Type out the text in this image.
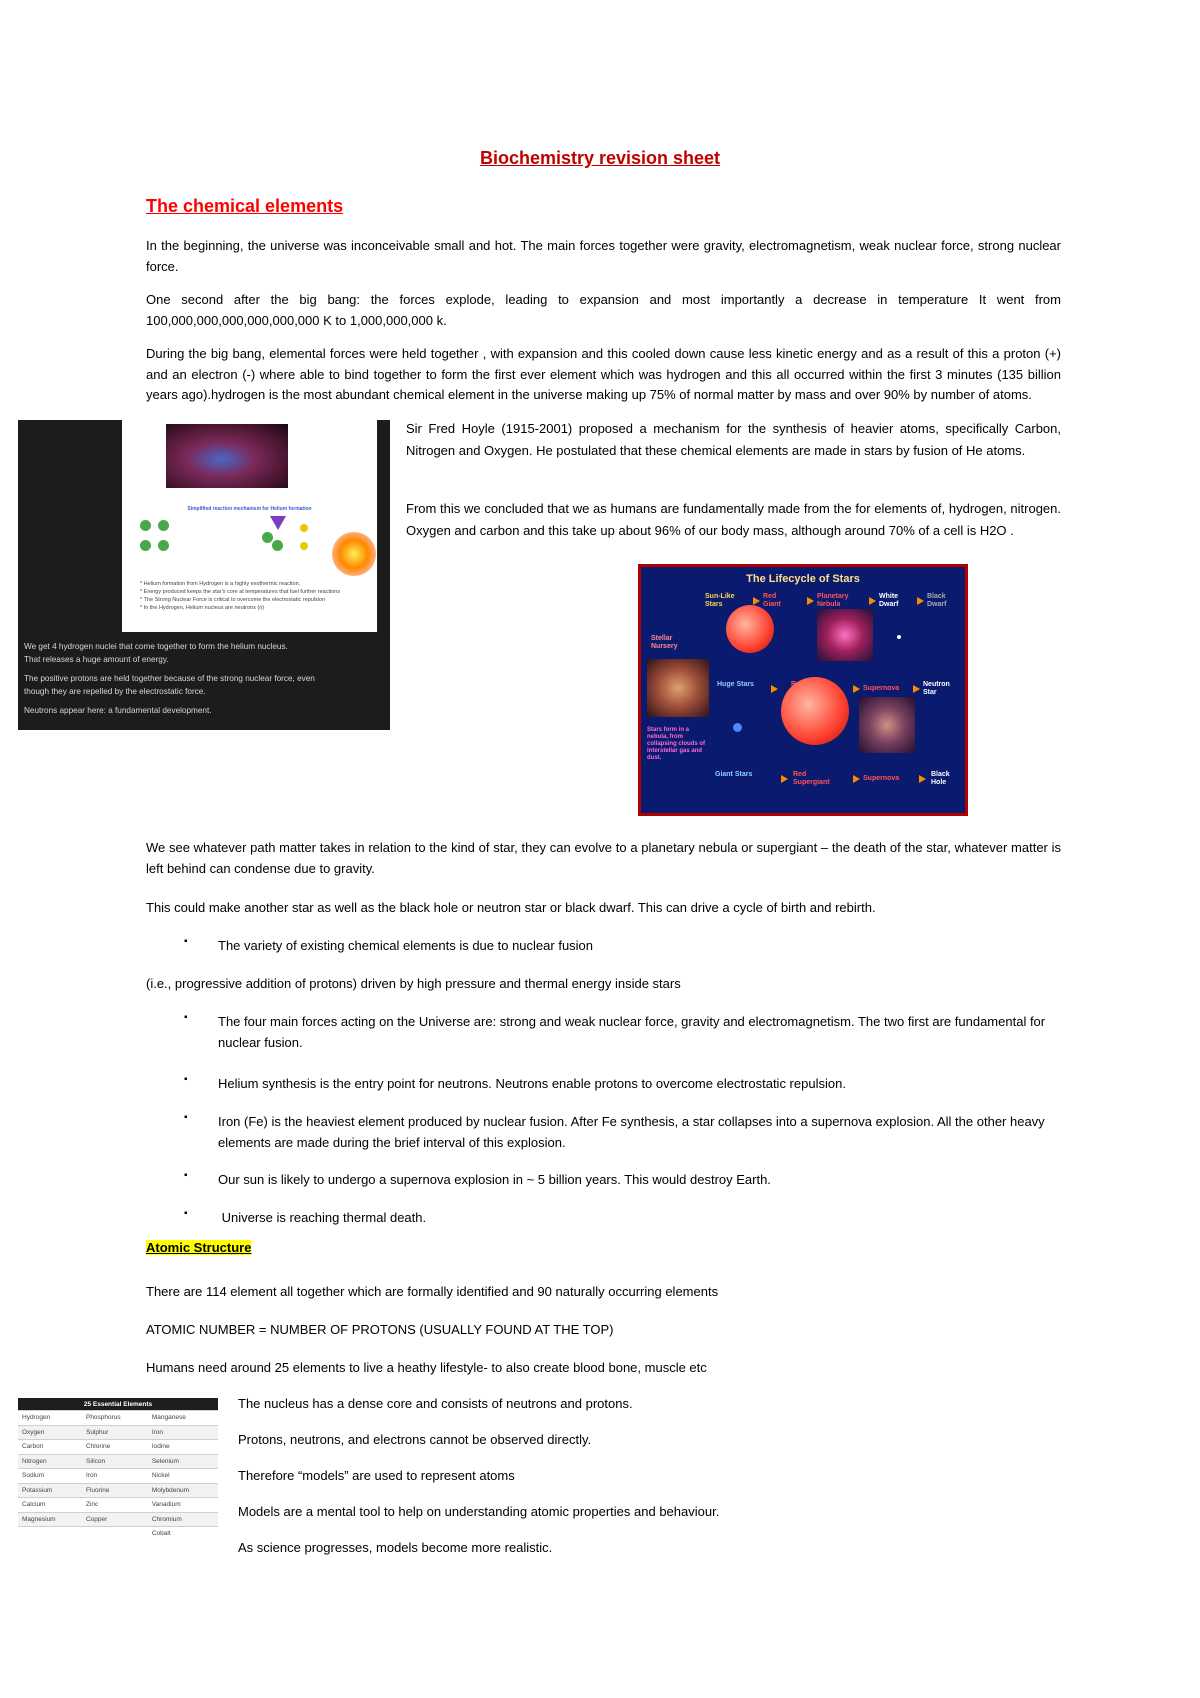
Biochemistry revision sheet
The chemical elements

In the beginning, the universe was inconceivable small and hot. The main forces together were gravity, electromagnetism, weak nuclear force, strong nuclear force.

One second after the big bang: the forces explode, leading to expansion and most importantly a decrease in temperature It went from 100,000,000,000,000,000,000 K to 1,000,000,000 k.

During the big bang, elemental forces were held together , with expansion and this cooled down cause less kinetic energy and as a result of this a proton (+) and an electron (-) where able to bind together to form the first ever element which was hydrogen and this all occurred within the first 3 minutes (135 billion years ago).hydrogen is the most abundant chemical element in the universe making up 75% of normal matter by mass and over 90% by number of atoms.

Simplified reaction mechanism for Helium formation
* Helium formation from Hydrogen is a highly exothermic reaction.
* Energy produced keeps the star's core at temperatures that fuel further reactions
* The Strong Nuclear Force is critical to overcome the electrostatic repulsion
* In the Hydrogen, Helium nucleus are neutrons (n)
We get 4 hydrogen nuclei that come together to form the helium nucleus.
That releases a huge amount of energy.
The positive protons are held together because of the strong nuclear force, even
though they are repelled by the electrostatic force.
Neutrons appear here: a fundamental development.

Sir Fred Hoyle (1915-2001) proposed a mechanism for the synthesis of heavier atoms, specifically Carbon, Nitrogen and Oxygen. He postulated that these chemical elements are made in stars by fusion of He atoms.

From this we concluded that we as humans are fundamentally made from the for elements of, hydrogen, nitrogen. Oxygen and carbon and this take up about 96% of our body mass, although around 70% of a cell is H2O .

The Lifecycle of Stars
Sun-Like Stars
Red Giant
Planetary Nebula
White Dwarf
Black Dwarf
Stellar Nursery
Huge Stars
Supernova
Neutron Star
Stars form in a nebula, from collapsing clouds of interstellar gas and dust.
Giant Stars	Red Supergiant
Supernova
Black Hole

We see whatever path matter takes in relation to the kind of star, they can evolve to a planetary nebula or supergiant – the death of the star, whatever matter is left behind can condense due to gravity.

This could make another star as well as the black hole or neutron star or black dwarf. This can drive a cycle of birth and rebirth.

▪ The variety of existing chemical elements is due to nuclear fusion

(i.e., progressive addition of protons) driven by high pressure and thermal energy inside stars

▪ The four main forces acting on the Universe are: strong and weak nuclear force, gravity and electromagnetism. The two first are fundamental for nuclear fusion.

▪ Helium synthesis is the entry point for neutrons. Neutrons enable protons to overcome electrostatic repulsion.

▪ Iron (Fe) is the heaviest element produced by nuclear fusion. After Fe synthesis, a star collapses into a supernova explosion. All the other heavy elements are made during the brief interval of this explosion.

▪ Our sun is likely to undergo a supernova explosion in ~ 5 billion years. This would destroy Earth.

▪ Universe is reaching thermal death.

Atomic Structure

There are 114 element all together which are formally identified and 90 naturally occurring elements

ATOMIC NUMBER = NUMBER OF PROTONS (USUALLY FOUND AT THE TOP)

Humans need around 25 elements to live a heathy lifestyle- to also create blood bone, muscle etc

25 Essential Elements		
Hydrogen	Phosphorus	Manganese
Oxygen	Sulphur	Iron
Carbon	Chlorine	Iodine
Nitrogen	Silicon	Selenium
Sodium	Iron	Nickel
Potassium	Fluorine	Molybdenum
Calcium	Zinc	Vanadium
Magnesium	Copper	Chromium
		Cobalt

The nucleus has a dense core and consists of neutrons and protons.

Protons, neutrons, and electrons cannot be observed directly.

Therefore “models” are used to represent atoms

Models are a mental tool to help on understanding atomic properties and behaviour.

As science progresses, models become more realistic.
